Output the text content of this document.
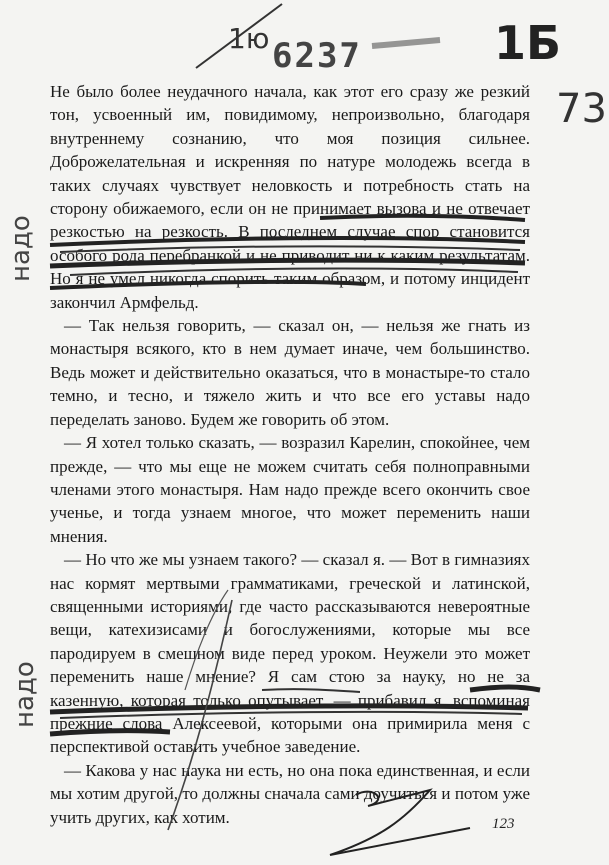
1ю 6237	1Б
73
надо
надо

Не было более неудачного начала, как этот его сразу же резкий тон, усвоенный им, повидимому, непроизвольно, благодаря внутреннему сознанию, что моя позиция сильнее. Доброжелательная и искренняя по натуре молодежь всегда в таких случаях чувствует неловкость и потребность стать на сторону обижаемого, если он не принимает вызова и не отвечает резкостью на резкость. В последнем случае спор становится особого рода перебранкой и не приводит ни к каким результатам. Но я не умел никогда спорить таким образом, и потому инцидент закончил Армфельд.

— Так нельзя говорить, — сказал он, — нельзя же гнать из монастыря всякого, кто в нем думает иначе, чем большинство. Ведь может и действительно оказаться, что в монастыре-то стало темно, и тесно, и тяжело жить и что все его уставы надо переделать заново. Будем же говорить об этом.

— Я хотел только сказать, — возразил Карелин, спокойнее, чем прежде, — что мы еще не можем считать себя полноправными членами этого монастыря. Нам надо прежде всего окончить свое ученье, и тогда узнаем многое, что может переменить наши мнения.

— Но что же мы узнаем такого? — сказал я. — Вот в гимназиях нас кормят мертвыми грамматиками, греческой и латинской, священными историями, где часто рассказываются невероятные вещи, катехизисами и богослужениями, которые мы все пародируем в смешном виде перед уроком. Неужели это может переменить наше мнение? Я сам стою за науку, но не за казенную, которая только опутывает, — прибавил я, вспоминая прежние слова Алексеевой, которыми она примирила меня с перспективой оставить учебное заведение.

— Какова у нас наука ни есть, но она пока единственная, и если мы хотим другой, то должны сначала сами доучиться и потом уже учить других, как хотим.	123
